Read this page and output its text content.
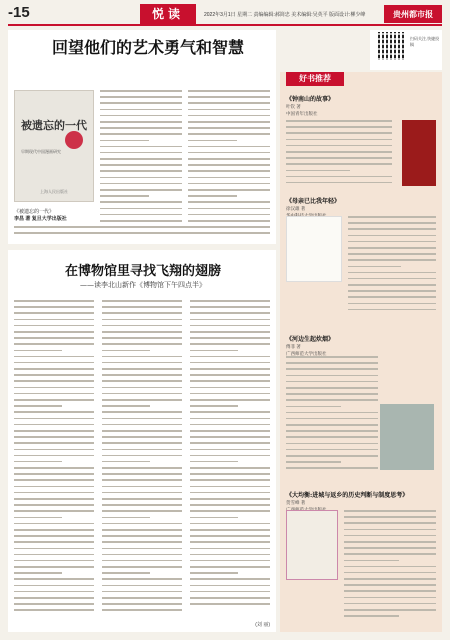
-15	悦读	2022年3月1日 星期二 责编编辑:郝简忠 美术编辑:吴英平 版面设计:柳少峰	贵州都市报
回望他们的艺术勇气和智慧
被遗忘的一代
早期现代中国漫画研究
上海人民出版社
《被遗忘的一代》
李昌 著 复旦大学出版社
扫码关注,快捷投稿
好书推荐
《钟南山的故事》
叶钦 著
中国青年出版社
《母亲已比我年轻》
徐汉雄 著
《河边生起炊烟》
傅菲 著
广西师范大学出版社
《大均衡:进城与返乡的历史判断与制度思考》
贺雪峰 著
在博物馆里寻找飞翔的翅膀
——读李北山新作《博物馆下午四点半》
(刘 丽)
